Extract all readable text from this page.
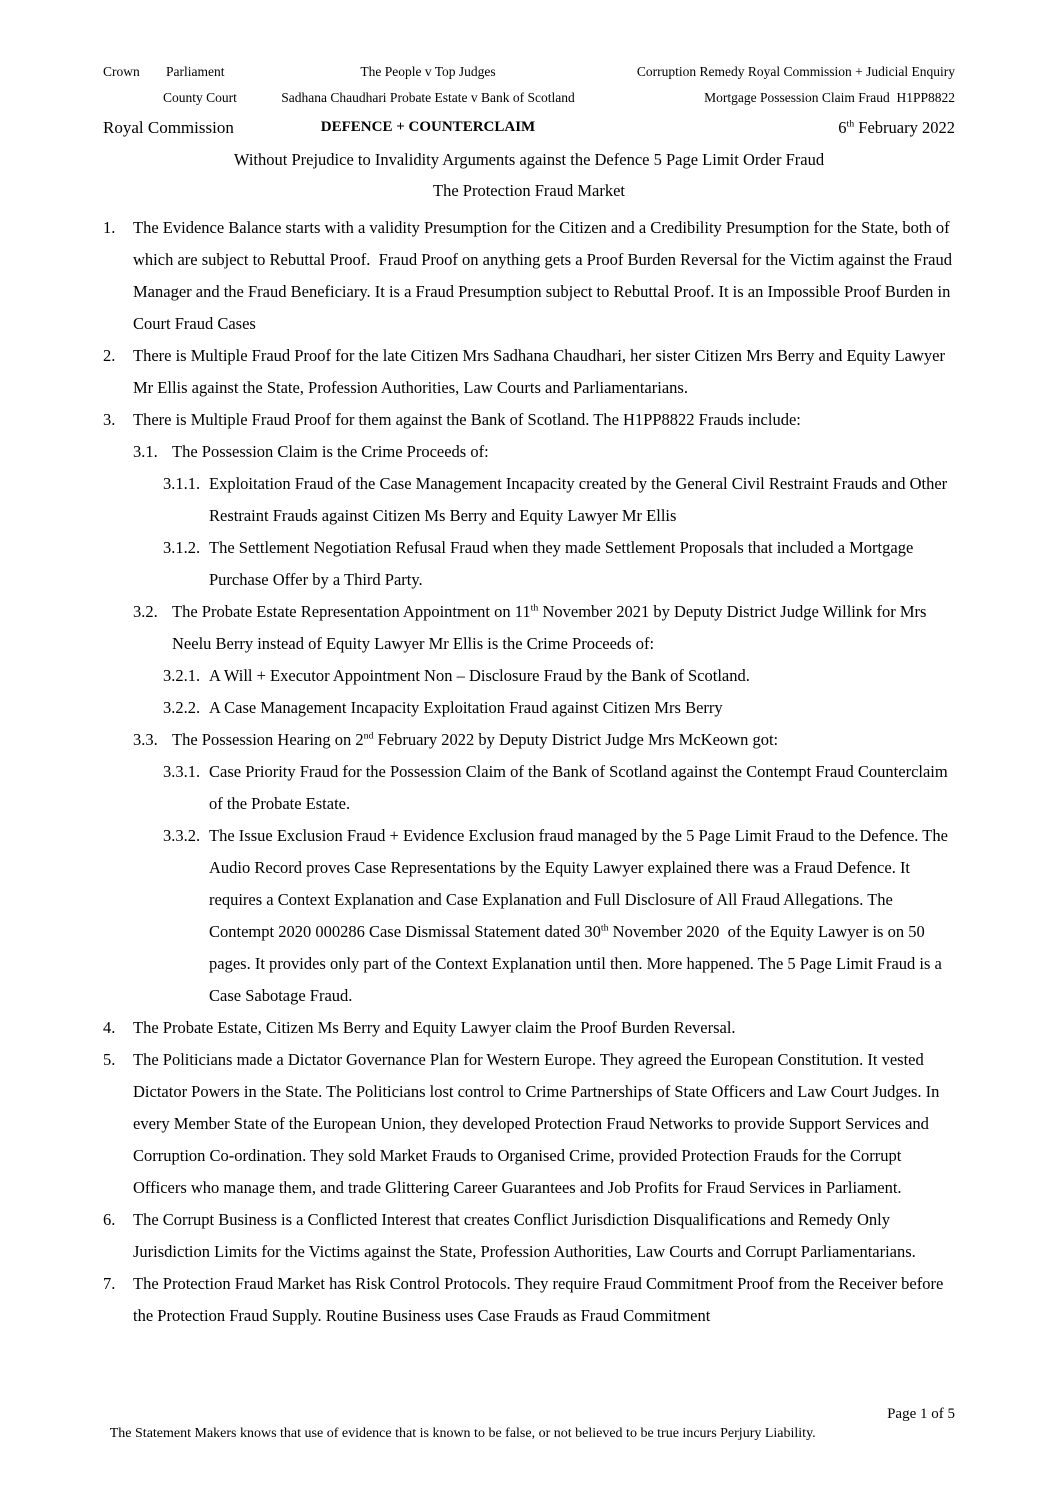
Crown

Parliament

	The People v Top Judges

	Corruption Remedy Royal Commission + Judicial Enquiry

County Court

	Sadhana Chaudhari Probate Estate v Bank of Scotland

	Mortgage Possession Claim Fraud  H1PP8822

Royal Commission

	DEFENCE + COUNTERCLAIM

	6th February 2022

Without Prejudice to Invalidity Arguments against the Defence 5 Page Limit Order Fraud
The Protection Fraud Market
1. The Evidence Balance starts with a validity Presumption for the Citizen and a Credibility Presumption for the State, both of which are subject to Rebuttal Proof.  Fraud Proof on anything gets a Proof Burden Reversal for the Victim against the Fraud Manager and the Fraud Beneficiary. It is a Fraud Presumption subject to Rebuttal Proof. It is an Impossible Proof Burden in Court Fraud Cases
2. There is Multiple Fraud Proof for the late Citizen Mrs Sadhana Chaudhari, her sister Citizen Mrs Berry and Equity Lawyer Mr Ellis against the State, Profession Authorities, Law Courts and Parliamentarians.
3. There is Multiple Fraud Proof for them against the Bank of Scotland. The H1PP8822 Frauds include:
3.1. The Possession Claim is the Crime Proceeds of:
3.1.1. Exploitation Fraud of the Case Management Incapacity created by the General Civil Restraint Frauds and Other Restraint Frauds against Citizen Ms Berry and Equity Lawyer Mr Ellis
3.1.2. The Settlement Negotiation Refusal Fraud when they made Settlement Proposals that included a Mortgage Purchase Offer by a Third Party.
3.2. The Probate Estate Representation Appointment on 11th November 2021 by Deputy District Judge Willink for Mrs Neelu Berry instead of Equity Lawyer Mr Ellis is the Crime Proceeds of:
3.2.1. A Will + Executor Appointment Non – Disclosure Fraud by the Bank of Scotland.
3.2.2. A Case Management Incapacity Exploitation Fraud against Citizen Mrs Berry
3.3. The Possession Hearing on 2nd February 2022 by Deputy District Judge Mrs McKeown got:
3.3.1. Case Priority Fraud for the Possession Claim of the Bank of Scotland against the Contempt Fraud Counterclaim of the Probate Estate.
3.3.2. The Issue Exclusion Fraud + Evidence Exclusion fraud managed by the 5 Page Limit Fraud to the Defence. The Audio Record proves Case Representations by the Equity Lawyer explained there was a Fraud Defence. It requires a Context Explanation and Case Explanation and Full Disclosure of All Fraud Allegations. The Contempt 2020 000286 Case Dismissal Statement dated 30th November 2020  of the Equity Lawyer is on 50 pages. It provides only part of the Context Explanation until then. More happened. The 5 Page Limit Fraud is a Case Sabotage Fraud.
4. The Probate Estate, Citizen Ms Berry and Equity Lawyer claim the Proof Burden Reversal.
5. The Politicians made a Dictator Governance Plan for Western Europe. They agreed the European Constitution. It vested Dictator Powers in the State. The Politicians lost control to Crime Partnerships of State Officers and Law Court Judges. In every Member State of the European Union, they developed Protection Fraud Networks to provide Support Services and Corruption Co-ordination. They sold Market Frauds to Organised Crime, provided Protection Frauds for the Corrupt Officers who manage them, and trade Glittering Career Guarantees and Job Profits for Fraud Services in Parliament.
6. The Corrupt Business is a Conflicted Interest that creates Conflict Jurisdiction Disqualifications and Remedy Only Jurisdiction Limits for the Victims against the State, Profession Authorities, Law Courts and Corrupt Parliamentarians.
7. The Protection Fraud Market has Risk Control Protocols. They require Fraud Commitment Proof from the Receiver before the Protection Fraud Supply. Routine Business uses Case Frauds as Fraud Commitment

The Statement Makers knows that use of evidence that is known to be false, or not believed to be true incurs Perjury Liability.

Page 1 of 5
